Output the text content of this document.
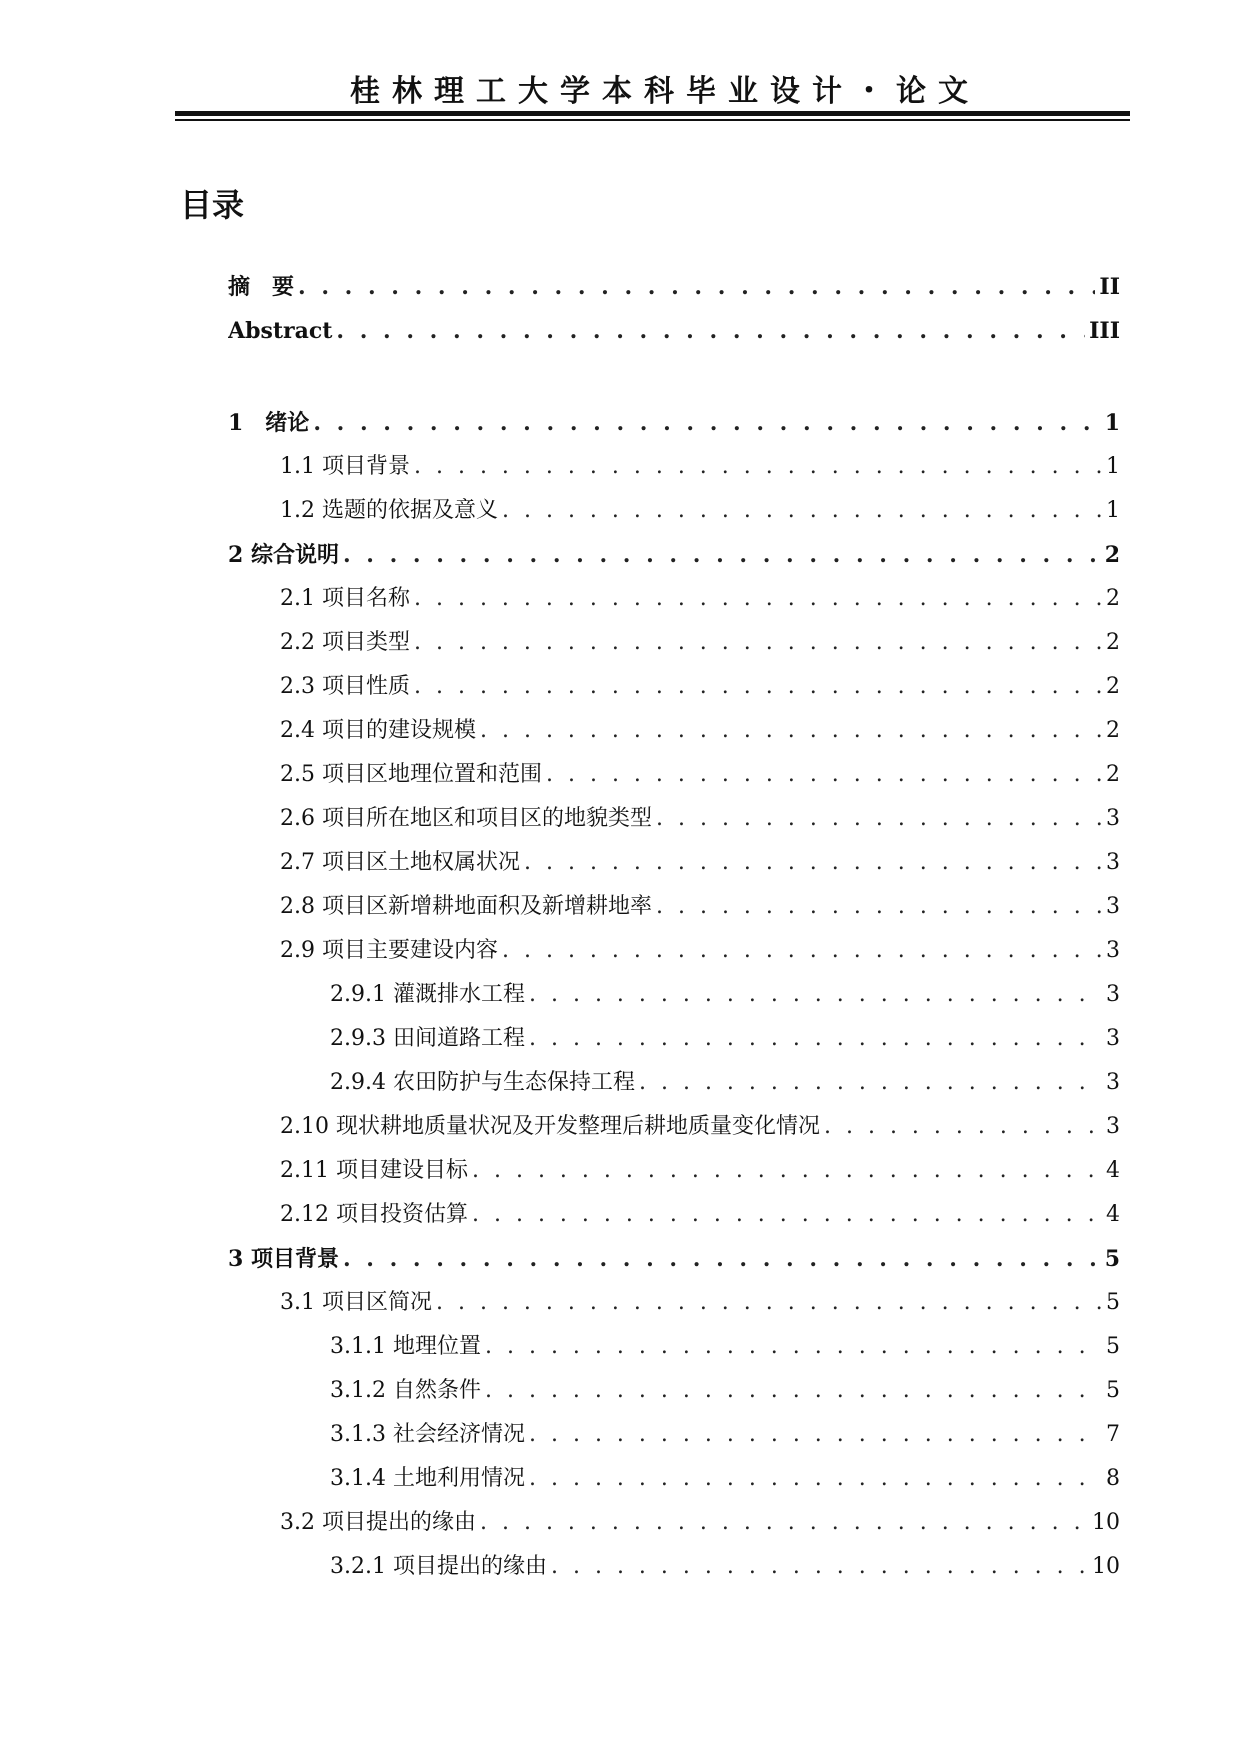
桂林理工大学本科毕业设计・论文
目录
摘　要 . . .	II
Abstract . . .	III
1　绪论 . . .	1
1.1 项目背景 . . .	1
1.2 选题的依据及意义 . . .	1
2 综合说明 . . .	2
2.1 项目名称 . . .	2
2.2 项目类型 . . .	2
2.3 项目性质 . . .	2
2.4 项目的建设规模 . . .	2
2.5 项目区地理位置和范围 . . .	2
2.6 项目所在地区和项目区的地貌类型 . . .	3
2.7 项目区土地权属状况 . . .	3
2.8 项目区新增耕地面积及新增耕地率 . . .	3
2.9 项目主要建设内容 . . .	3
2.9.1 灌溉排水工程 . . .	3
2.9.3 田间道路工程 . . .	3
2.9.4 农田防护与生态保持工程 . . .	3
2.10 现状耕地质量状况及开发整理后耕地质量变化情况 . . .	3
2.11 项目建设目标 . . .	4
2.12 项目投资估算 . . .	4
3 项目背景 . . .	5
3.1 项目区简况 . . .	5
3.1.1 地理位置 . . .	5
3.1.2 自然条件 . . .	5
3.1.3 社会经济情况 . . .	7
3.1.4 土地利用情况 . . .	8
3.2 项目提出的缘由 . . .	10
3.2.1 项目提出的缘由 . . .	10
